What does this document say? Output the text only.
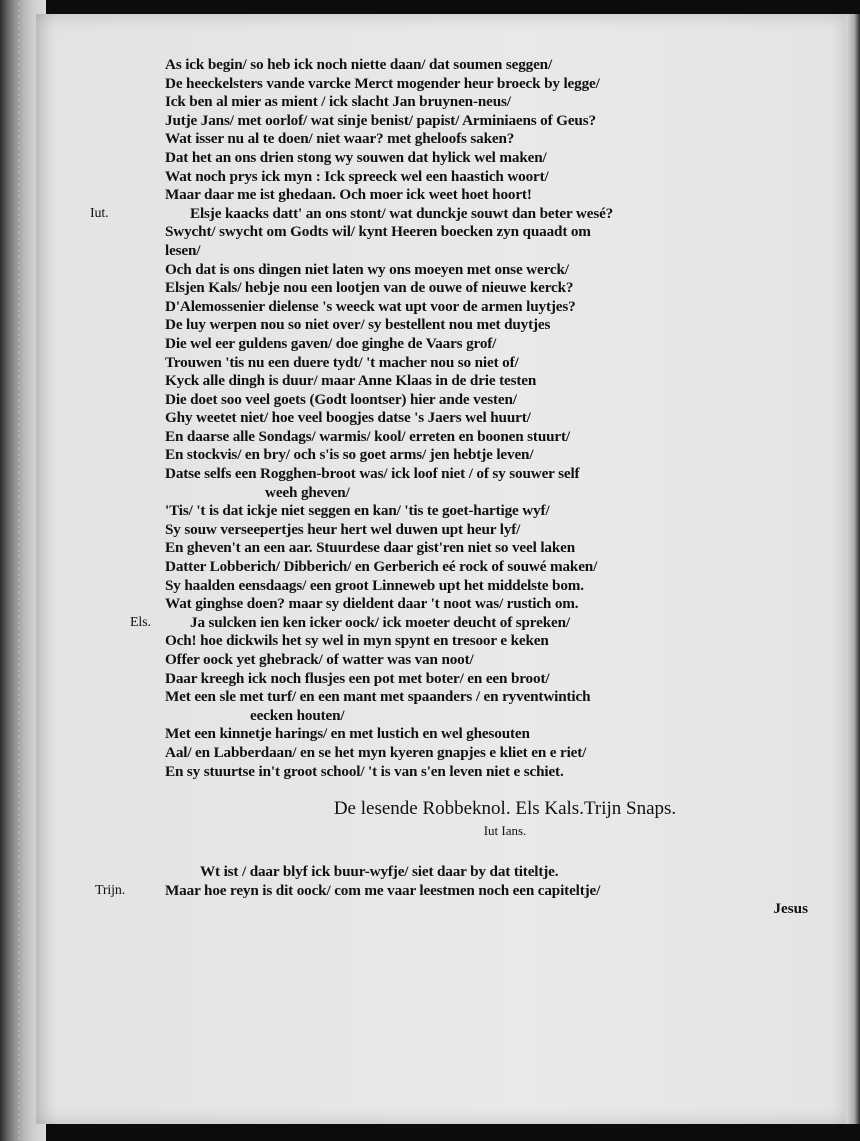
As ick begin/ so heb ick noch niette daan/ dat soumen seggen/
De heeckelsters vande varcke Merct mogender heur broeck by legge/
Ick ben al mier as mient / ick slacht Jan bruynen-neus/
Jutje Jans/ met oorlof/ wat sinje benist/ papist/ Arminiaens of Geus?
Wat isser nu al te doen/ niet waar? met gheloofs saken?
Dat het an ons drien stong wy souwen dat hylick wel maken/
Wat noch prys ick myn : Ick spreeck wel een haastich woort/
Maar daar me ist ghedaan. Och moer ick weet hoet hoort!
Iut.	Elsje kaacks datt' an ons stont/ wat dunckje souwt dan beter wesé?
Swycht/ swycht om Godts wil/ kynt Heeren boecken zyn quaadt om
lesen/
Och dat is ons dingen niet laten wy ons moeyen met onse werck/
Elsjen Kals/ hebje nou een lootjen van de ouwe of nieuwe kerck?
D'Alemossenier dielense 's weeck wat upt voor de armen luytjes?
De luy werpen nou so niet over/ sy bestellent nou met duytjes
Die wel eer guldens gaven/ doe ginghe de Vaars grof/
Trouwen 'tis nu een duere tydt/ 't macher nou so niet of/
Kyck alle dingh is duur/ maar Anne Klaas in de drie testen
Die doet soo veel goets (Godt loontser) hier ande vesten/
Ghy weetet niet/ hoe veel boogjes datse 's Jaers wel huurt/
En daarse alle Sondags/ warmis/ kool/ erreten en boonen stuurt/
En stockvis/ en bry/ och s'is so goet arms/ jen hebtje leven/
Datse selfs een Rogghen-broot was/ ick loof niet / of sy souwer self
weeh gheven/
'Tis/ 't is dat ickje niet seggen en kan/ 'tis te goet-hartige wyf/
Sy souw verseepertjes heur hert wel duwen upt heur lyf/
En gheven't an een aar. Stuurdese daar gist'ren niet so veel laken
Datter Lobberich/ Dibberich/ en Gerberich eé rock of souwé maken/
Sy haalden eensdaags/ een groot Linneweb upt het middelste bom.
Wat ginghse doen? maar sy dieldent daar 't noot was/ rustich om.
Els.	Ja sulcken ien ken icker oock/ ick moeter deucht of spreken/
Och! hoe dickwils het sy wel in myn spynt en tresoor e keken
Offer oock yet ghebrack/ of watter was van noot/
Daar kreegh ick noch flusjes een pot met boter/ en een broot/
Met een sle met turf/ en een mant met spaanders / en ryventwintich
eecken houten/
Met een kinnetje harings/ en met lustich en wel ghesouten
Aal/ en Labberdaan/ en se het myn kyeren gnapjes e kliet en e riet/
En sy stuurtse in't groot school/ 't is van s'en leven niet e schiet.
De lesende Robbeknol. Els Kals.Trijn Snaps.
Iut Ians.
Wt ist / daar blyf ick buur-wyfje/ siet daar by dat titeltje.
Trijn.	Maar hoe reyn is dit oock/ com me vaar leestmen noch een capiteltje/
Jesus
